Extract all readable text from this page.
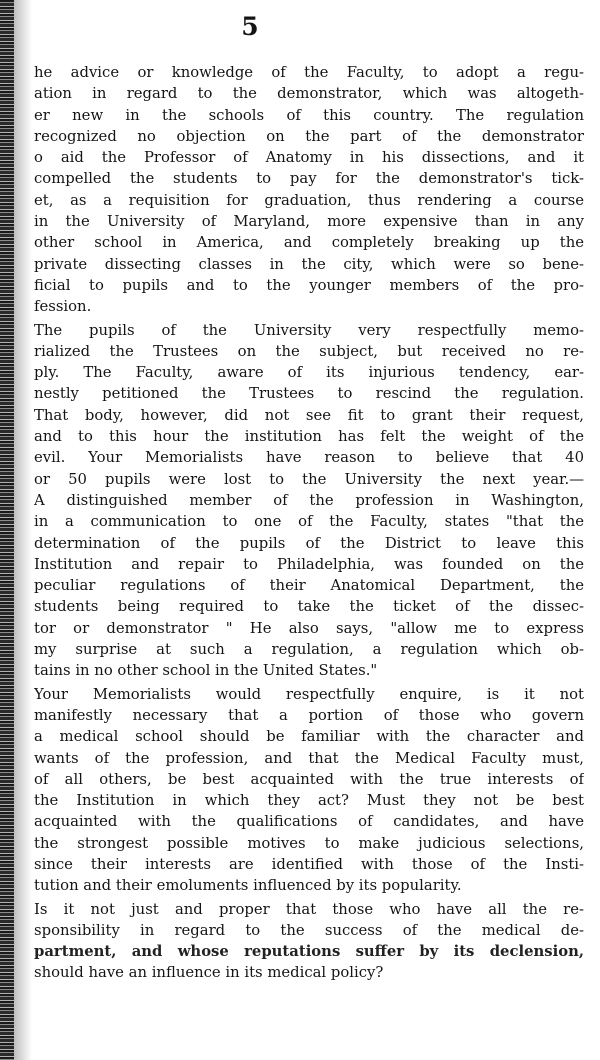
5
he advice or knowledge of the Faculty, to adopt a regu-
ation in regard to the demonstrator, which was altogeth-
er new in the schools of this country. The regulation
recognized no objection on the part of the demonstrator
o aid the Professor of Anatomy in his dissections, and it
compelled the students to pay for the demonstrator's tick-
et, as a requisition for graduation, thus rendering a course
in the University of Maryland, more expensive than in any
other school in America, and completely breaking up the
private dissecting classes in the city, which were so bene-
ficial to pupils and to the younger members of the pro-
fession.
The pupils of the University very respectfully memo-
rialized the Trustees on the subject, but received no re-
ply. The Faculty, aware of its injurious tendency, ear-
nestly petitioned the Trustees to rescind the regulation.
That body, however, did not see fit to grant their request,
and to this hour the institution has felt the weight of the
evil. Your Memorialists have reason to believe that 40
or 50 pupils were lost to the University the next year.—
A distinguished member of the profession in Washington,
in a communication to one of the Faculty, states "that the
determination of the pupils of the District to leave this
Institution and repair to Philadelphia, was founded on the
peculiar regulations of their Anatomical Department, the
students being required to take the ticket of the dissec-
tor or demonstrator " He also says, "allow me to express
my surprise at such a regulation, a regulation which ob-
tains in no other school in the United States."
Your Memorialists would respectfully enquire, is it not
manifestly necessary that a portion of those who govern
a medical school should be familiar with the character and
wants of the profession, and that the Medical Faculty must,
of all others, be best acquainted with the true interests of
the Institution in which they act? Must they not be best
acquainted with the qualifications of candidates, and have
the strongest possible motives to make judicious selections,
since their interests are identified with those of the Insti-
tution and their emoluments influenced by its popularity.
Is it not just and proper that those who have all the re-
sponsibility in regard to the success of the medical de-
partment, and whose reputations suffer by its declension,
should have an influence in its medical policy?
